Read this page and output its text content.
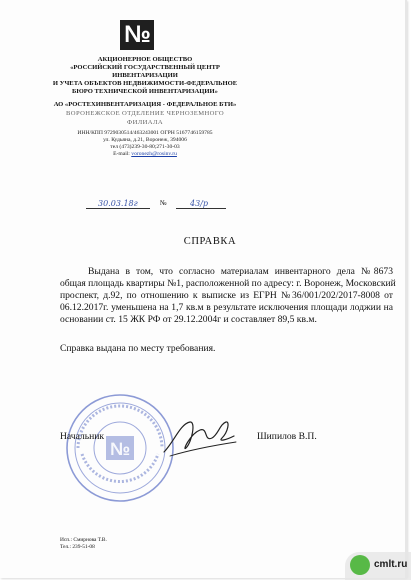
№
АКЦИОНЕРНОЕ ОБЩЕСТВО
«РОССИЙСКИЙ ГОСУДАРСТВЕННЫЙ ЦЕНТР
ИНВЕНТАРИЗАЦИИ
И УЧЕТА ОБЪЕКТОВ НЕДВИЖИМОСТИ-ФЕДЕРАЛЬНОЕ
БЮРО ТЕХНИЧЕСКОЙ ИНВЕНТАРИЗАЦИИ»
АО «РОСТЕХИНВЕНТАРИЗАЦИЯ - ФЕДЕРАЛЬНОЕ БТИ»
ВОРОНЕЖСКОЕ ОТДЕЛЕНИЕ ЧЕРНОЗЕМНОГО
ФИЛИАЛА
ИНН/КПП 9729030514/463243001 ОГРН 5167746159785
ул. Кудьяна, д.21, Воронеж, 394006
тел (473)239-30-80;271-30-03
E-mail: voronezh@rosinv.ru
30.03.18г	№	43/р
СПРАВКА
Выдана в том, что согласно материалам инвентарного дела №8673
общая площадь квартиры №1, расположенной по адресу: г. Воронеж, Московский
проспект, д.92, по отношению к выписке из ЕГРН №36/001/202/2017-8008 от
06.12.2017г. уменьшена на 1,7 кв.м в результате исключения площади лоджии на
основании ст. 15 ЖК РФ от 29.12.2004г и составляет 89,5 кв.м.
Справка выдана по месту требования.
№
Начальник	Шипилов В.П.
Исп.: Смирнова Т.В.
Тел.: 239-51-08
cmlt.ru
